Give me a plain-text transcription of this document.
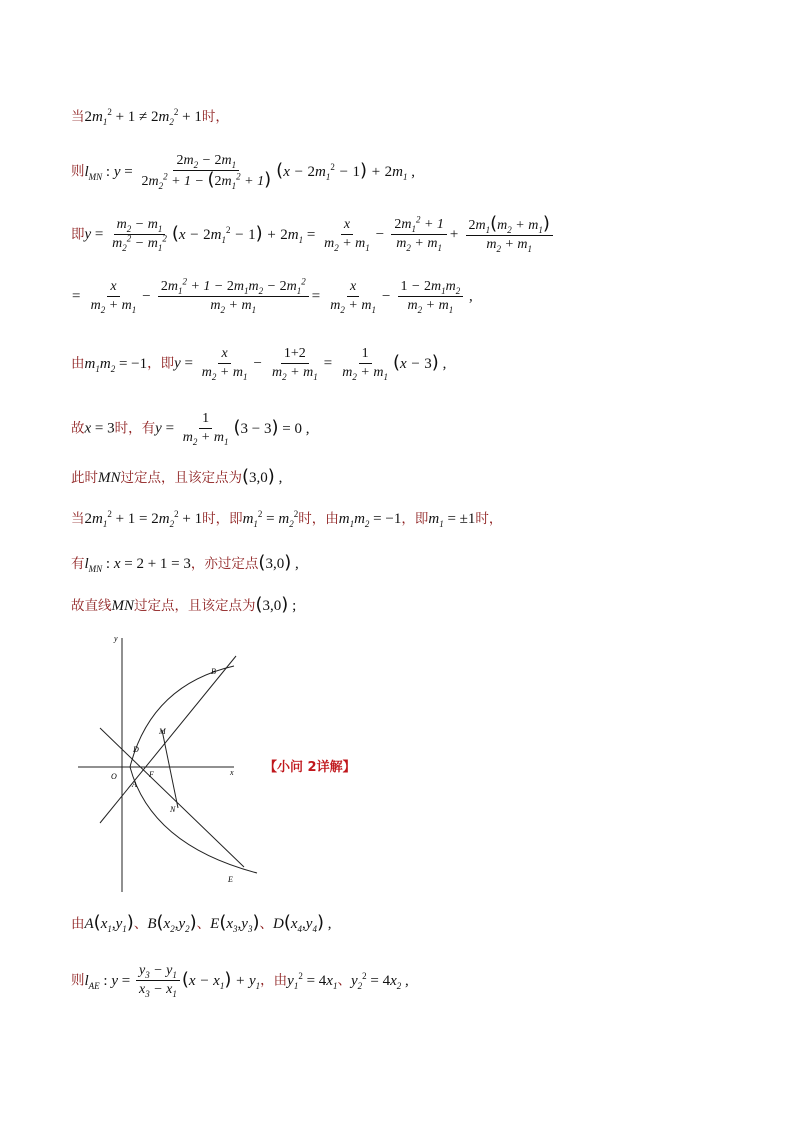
当$2m_1^2 + 1 \ne 2m_2^2 + 1$时，
则$l_{MN}$ : $y = \frac{2m_2 - 2m_1}{2m_2^2 + 1 - (2m_1^2 + 1)} (x - 2m_1^2 - 1) + 2m_1$ ,
即$y = \frac{m_2 - m_1}{m_2^2 - m_1^2} (x - 2m_1^2 - 1) + 2m_1 = \frac{x}{m_2 + m_1} - \frac{2m_1^2 + 1}{m_2 + m_1} + \frac{2m_1(m_2 + m_1)}{m_2 + m_1}$
= $\frac{x}{m_2 + m_1} - \frac{2m_1^2 + 1 - 2m_1m_2 - 2m_1^2}{m_2 + m_1} = \frac{x}{m_2 + m_1} - \frac{1 - 2m_1m_2}{m_2 + m_1}$ ,
由$m_1m_2 = -1$，即$y = \frac{x}{m_2 + m_1} - \frac{1+2}{m_2 + m_1} = \frac{1}{m_2 + m_1} (x - 3)$ ,
故x = 3时，有$y = \frac{1}{m_2 + m_1} (3 - 3) = 0$ ,
此时MN过定点，且该定点为(3,0) ,
当$2m_1^2 + 1 = 2m_2^2 + 1$时，即$m_1^2 = m_2^2$时，由$m_1m_2 = -1$，即$m_1 = \pm 1$时，
有$l_{MN}$ : x = 2 + 1 = 3，亦过定点(3,0) ,
故直线MN过定点，且该定点为(3,0) ;
x
y
O
A
D
F
M
N
B
E
【小问 2详解】
由$A(x_1,y_1)$、$B(x_2,y_2)$、$E(x_3,y_3)$、$D(x_4,y_4)$ ,
则$l_{AE}$ : $y = \frac{y_3 - y_1}{x_3 - x_1} (x - x_1) + y_1$，由$y_1^2 = 4x_1$、$y_2^2 = 4x_2$ ,
